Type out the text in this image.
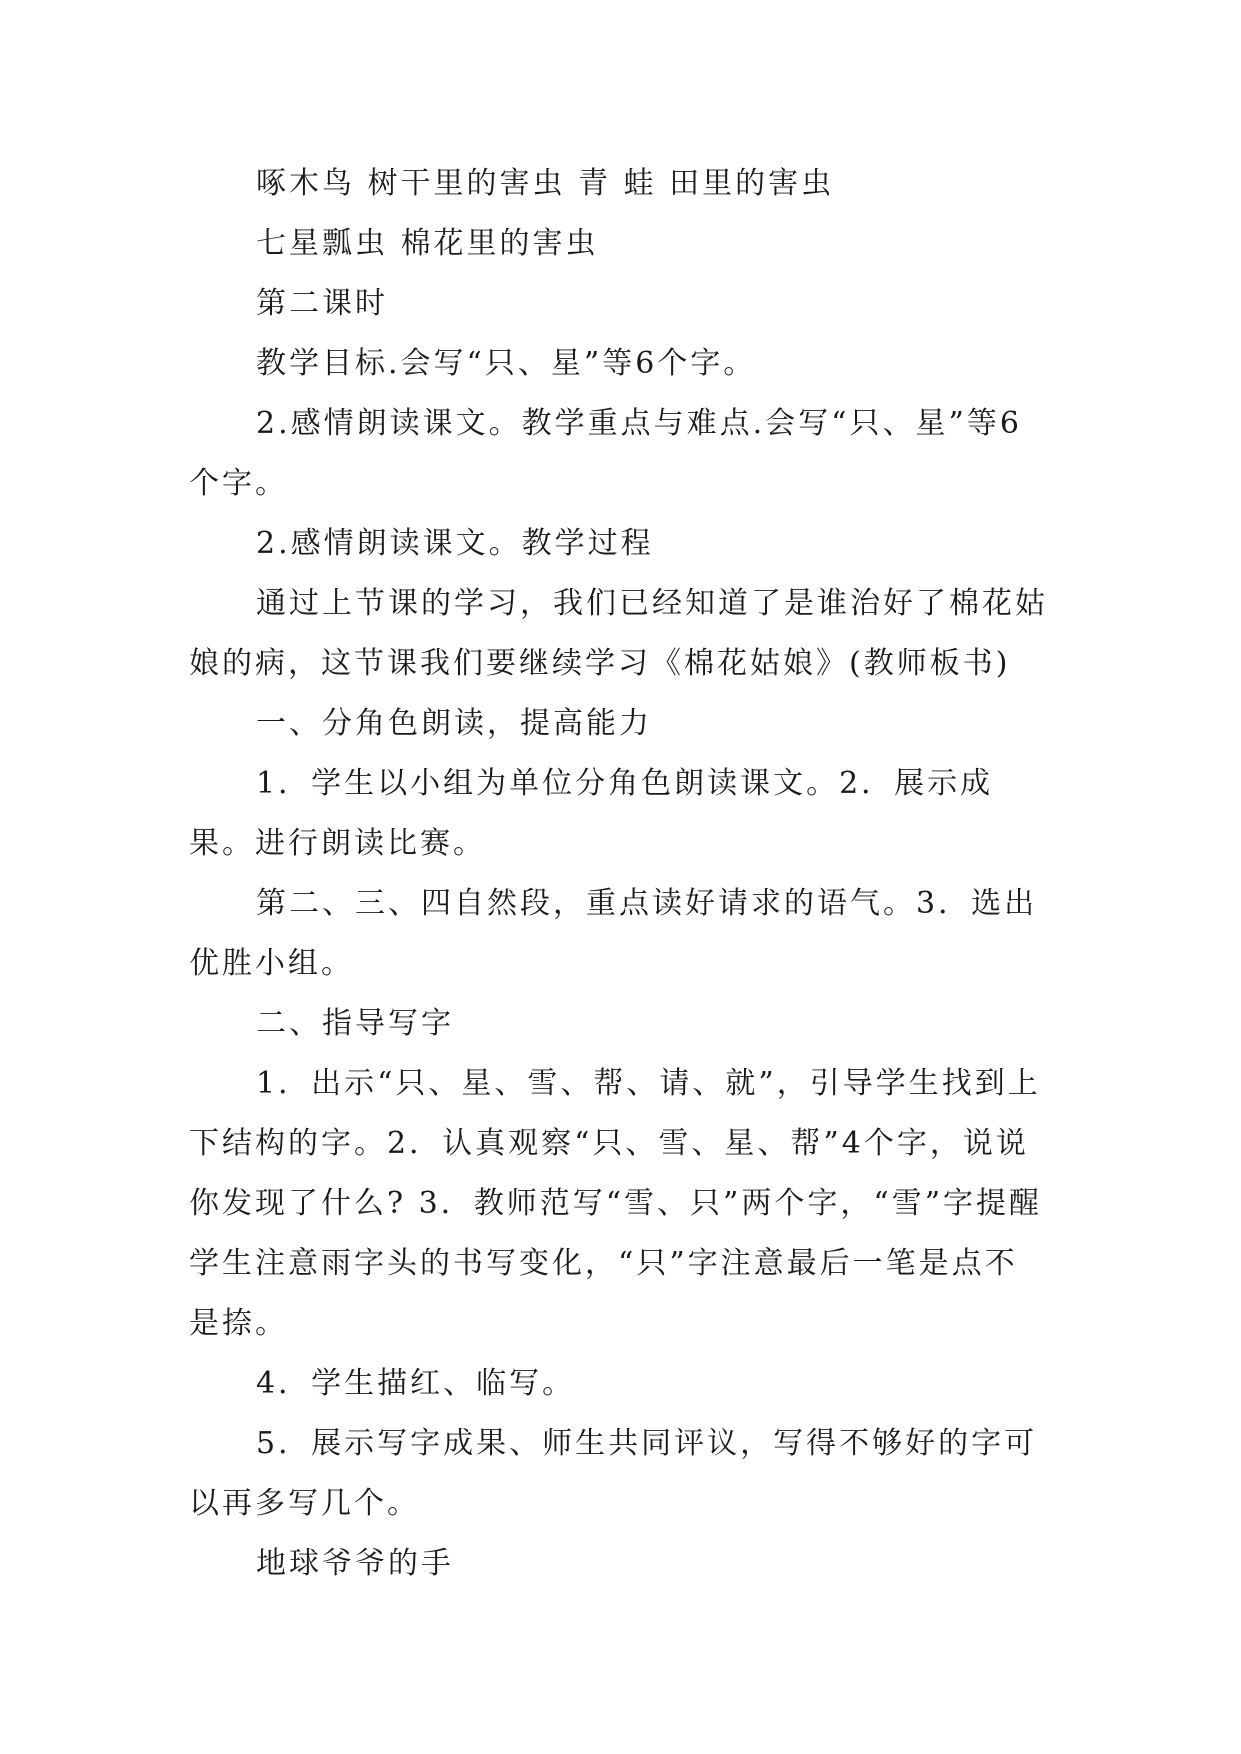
啄木鸟 树干里的害虫 青 蛙 田里的害虫

七星瓢虫 棉花里的害虫

第二课时

教学目标.会写“只、星”等6个字。

2.感情朗读课文。教学重点与难点.会写“只、星”等6个字。

2.感情朗读课文。教学过程

通过上节课的学习，我们已经知道了是谁治好了棉花姑娘的病，这节课我们要继续学习《棉花姑娘》(教师板书)

一、分角色朗读，提高能力

1．学生以小组为单位分角色朗读课文。2．展示成果。进行朗读比赛。

第二、三、四自然段，重点读好请求的语气。3．选出优胜小组。

二、指导写字

1．出示“只、星、雪、帮、请、就”，引导学生找到上下结构的字。2．认真观察“只、雪、星、帮”4个字，说说你发现了什么? 3．教师范写“雪、只”两个字，“雪”字提醒学生注意雨字头的书写变化，“只”字注意最后一笔是点不是捺。

4．学生描红、临写。

5．展示写字成果、师生共同评议，写得不够好的字可以再多写几个。

地球爷爷的手
